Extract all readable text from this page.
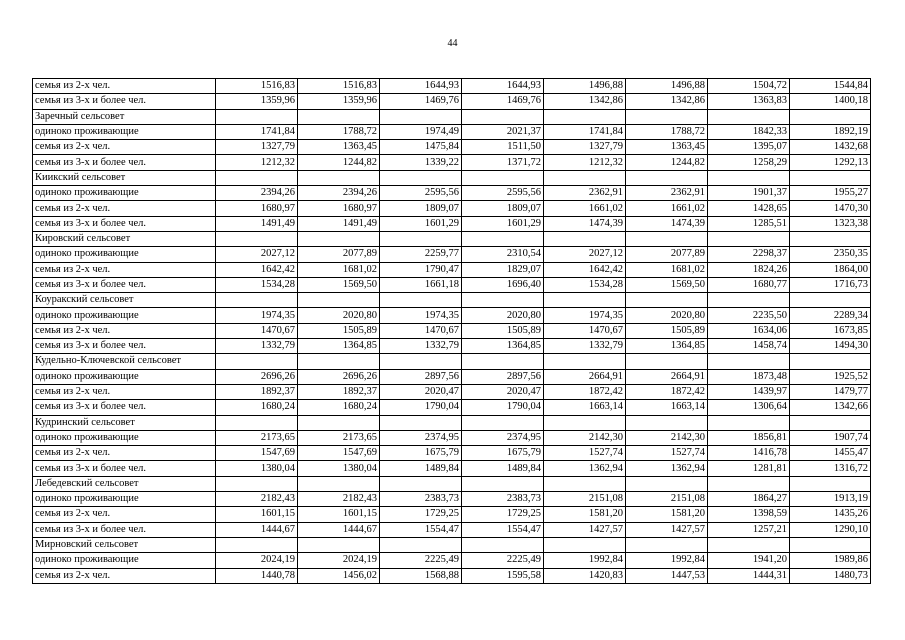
44
семья из 2-х чел.	1516,83	1516,83	1644,93	1644,93	1496,88	1496,88	1504,72	1544,84
семья из 3-х и более чел.	1359,96	1359,96	1469,76	1469,76	1342,86	1342,86	1363,83	1400,18
Заречный сельсовет								
одиноко проживающие	1741,84	1788,72	1974,49	2021,37	1741,84	1788,72	1842,33	1892,19
семья из 2-х чел.	1327,79	1363,45	1475,84	1511,50	1327,79	1363,45	1395,07	1432,68
семья из 3-х и более чел.	1212,32	1244,82	1339,22	1371,72	1212,32	1244,82	1258,29	1292,13
Киикский сельсовет								
одиноко проживающие	2394,26	2394,26	2595,56	2595,56	2362,91	2362,91	1901,37	1955,27
семья из 2-х чел.	1680,97	1680,97	1809,07	1809,07	1661,02	1661,02	1428,65	1470,30
семья из 3-х и более чел.	1491,49	1491,49	1601,29	1601,29	1474,39	1474,39	1285,51	1323,38
Кировский сельсовет								
одиноко проживающие	2027,12	2077,89	2259,77	2310,54	2027,12	2077,89	2298,37	2350,35
семья из 2-х чел.	1642,42	1681,02	1790,47	1829,07	1642,42	1681,02	1824,26	1864,00
семья из 3-х и более чел.	1534,28	1569,50	1661,18	1696,40	1534,28	1569,50	1680,77	1716,73
Коуракский сельсовет								
одиноко проживающие	1974,35	2020,80	1974,35	2020,80	1974,35	2020,80	2235,50	2289,34
семья из 2-х чел.	1470,67	1505,89	1470,67	1505,89	1470,67	1505,89	1634,06	1673,85
семья из 3-х и более чел.	1332,79	1364,85	1332,79	1364,85	1332,79	1364,85	1458,74	1494,30
Кудельно-Ключевской сельсовет								
одиноко проживающие	2696,26	2696,26	2897,56	2897,56	2664,91	2664,91	1873,48	1925,52
семья из 2-х чел.	1892,37	1892,37	2020,47	2020,47	1872,42	1872,42	1439,97	1479,77
семья из 3-х и более чел.	1680,24	1680,24	1790,04	1790,04	1663,14	1663,14	1306,64	1342,66
Кудринский сельсовет								
одиноко проживающие	2173,65	2173,65	2374,95	2374,95	2142,30	2142,30	1856,81	1907,74
семья из 2-х чел.	1547,69	1547,69	1675,79	1675,79	1527,74	1527,74	1416,78	1455,47
семья из 3-х и более чел.	1380,04	1380,04	1489,84	1489,84	1362,94	1362,94	1281,81	1316,72
Лебедевский сельсовет								
одиноко проживающие	2182,43	2182,43	2383,73	2383,73	2151,08	2151,08	1864,27	1913,19
семья из 2-х чел.	1601,15	1601,15	1729,25	1729,25	1581,20	1581,20	1398,59	1435,26
семья из 3-х и более чел.	1444,67	1444,67	1554,47	1554,47	1427,57	1427,57	1257,21	1290,10
Мирновский сельсовет								
одиноко проживающие	2024,19	2024,19	2225,49	2225,49	1992,84	1992,84	1941,20	1989,86
семья из 2-х чел.	1440,78	1456,02	1568,88	1595,58	1420,83	1447,53	1444,31	1480,73
